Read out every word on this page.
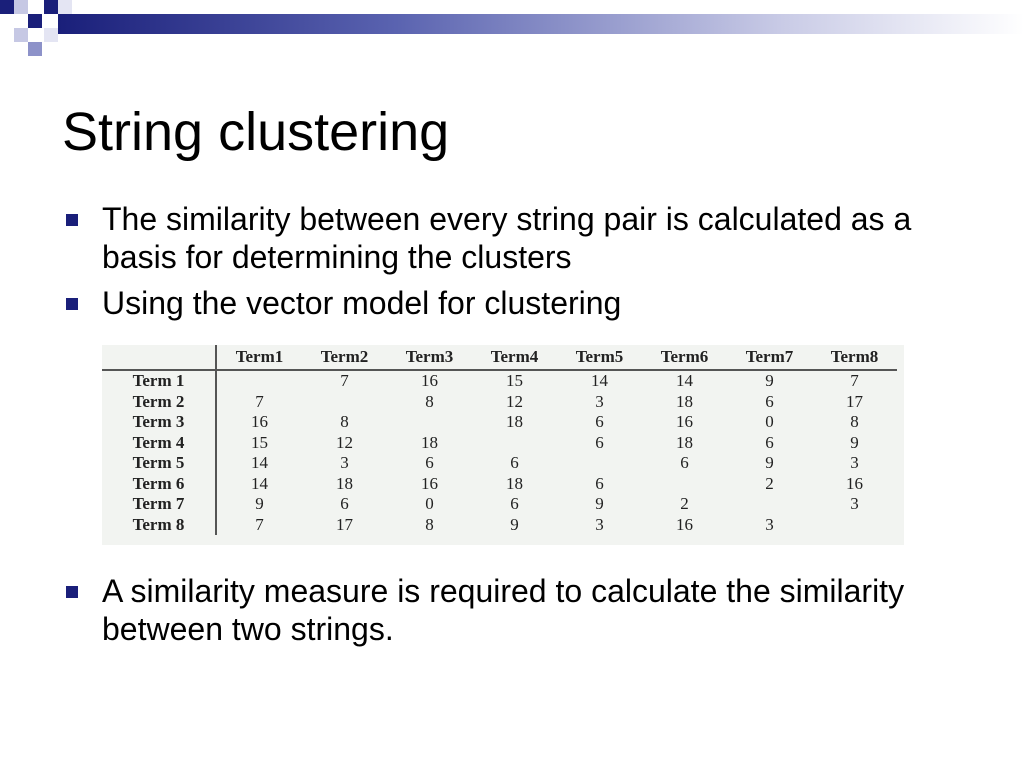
String clustering
The similarity between every string pair is calculated as a basis for determining the clusters
Using the vector model for clustering
	Term1	Term2	Term3	Term4	Term5	Term6	Term7	Term8
Term 1		7	16	15	14	14	9	7
Term 2	7		8	12	3	18	6	17
Term 3	16	8		18	6	16	0	8
Term 4	15	12	18		6	18	6	9
Term 5	14	3	6	6		6	9	3
Term 6	14	18	16	18	6		2	16
Term 7	9	6	0	6	9	2		3
Term 8	7	17	8	9	3	16	3	
A similarity measure is required to calculate the similarity between two strings.
